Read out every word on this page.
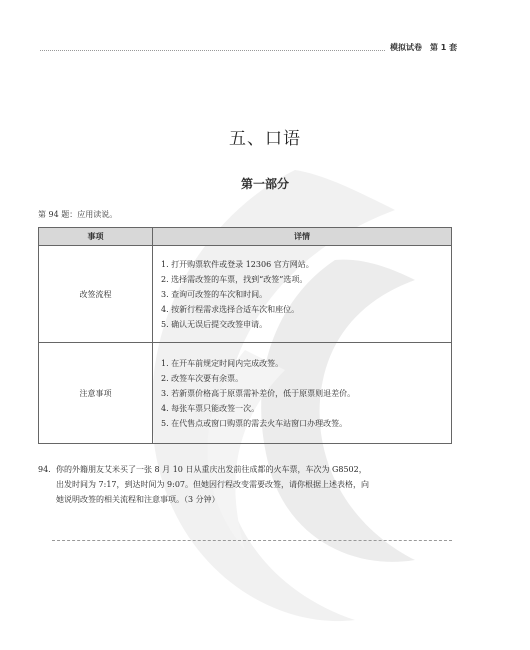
模拟试卷　第 1 套
五、口语
第一部分
第 94 题：应用读说。
事项	详情
改签流程	1. 打开购票软件或登录 12306 官方网站。
2. 选择需改签的车票，找到“改签”选项。
3. 查询可改签的车次和时间。
4. 按新行程需求选择合适车次和座位。
5. 确认无误后提交改签申请。

注意事项	1. 在开车前规定时间内完成改签。
2. 改签车次要有余票。
3. 若新票价格高于原票需补差价，低于原票则退差价。
4. 每张车票只能改签一次。
5. 在代售点或窗口购票的需去火车站窗口办理改签。
94. 你的外籍朋友艾米买了一张 8 月 10 日从重庆出发前往成都的火车票，车次为 G8502，
出发时间为 7:17，到达时间为 9:07。但她因行程改变需要改签，请你根据上述表格，向
她说明改签的相关流程和注意事项。（3 分钟）
